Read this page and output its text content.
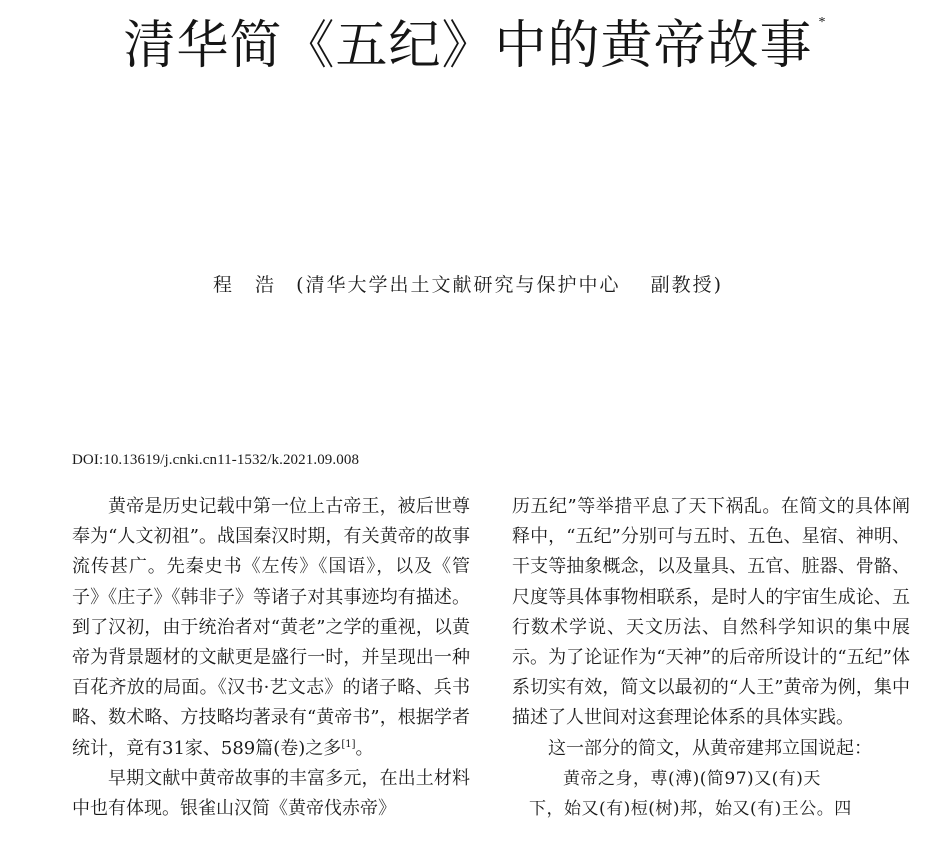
清华简《五纪》中的黄帝故事 *
程　浩 (清华大学出土文献研究与保护中心 副教授)
DOI:10.13619/j.cnki.cn11-1532/k.2021.09.008

黄帝是历史记载中第一位上古帝王，被后世尊奉为“人文初祖”。战国秦汉时期，有关黄帝的故事流传甚广。先秦史书《左传》《国语》，以及《管子》《庄子》《韩非子》等诸子对其事迹均有描述。到了汉初，由于统治者对“黄老”之学的重视，以黄帝为背景题材的文献更是盛行一时，并呈现出一种百花齐放的局面。《汉书·艺文志》的诸子略、兵书略、数术略、方技略均著录有“黄帝书”，根据学者统计，竟有31家、589篇(卷)之多[1]。

早期文献中黄帝故事的丰富多元，在出土材料中也有体现。银雀山汉简《黄帝伐赤帝》

历五纪”等举措平息了天下祸乱。在简文的具体阐释中，“五纪”分别可与五时、五色、星宿、神明、干支等抽象概念，以及量具、五官、脏器、骨骼、尺度等具体事物相联系，是时人的宇宙生成论、五行数术学说、天文历法、自然科学知识的集中展示。为了论证作为“天神”的后帝所设计的“五纪”体系切实有效，简文以最初的“人王”黄帝为例，集中描述了人世间对这套理论体系的具体实践。

这一部分的简文，从黄帝建邦立国说起：

黄帝之身，尃(溥)(简97)又(有)天

下，始又(有)梪(树)邦，始又(有)王公。四
